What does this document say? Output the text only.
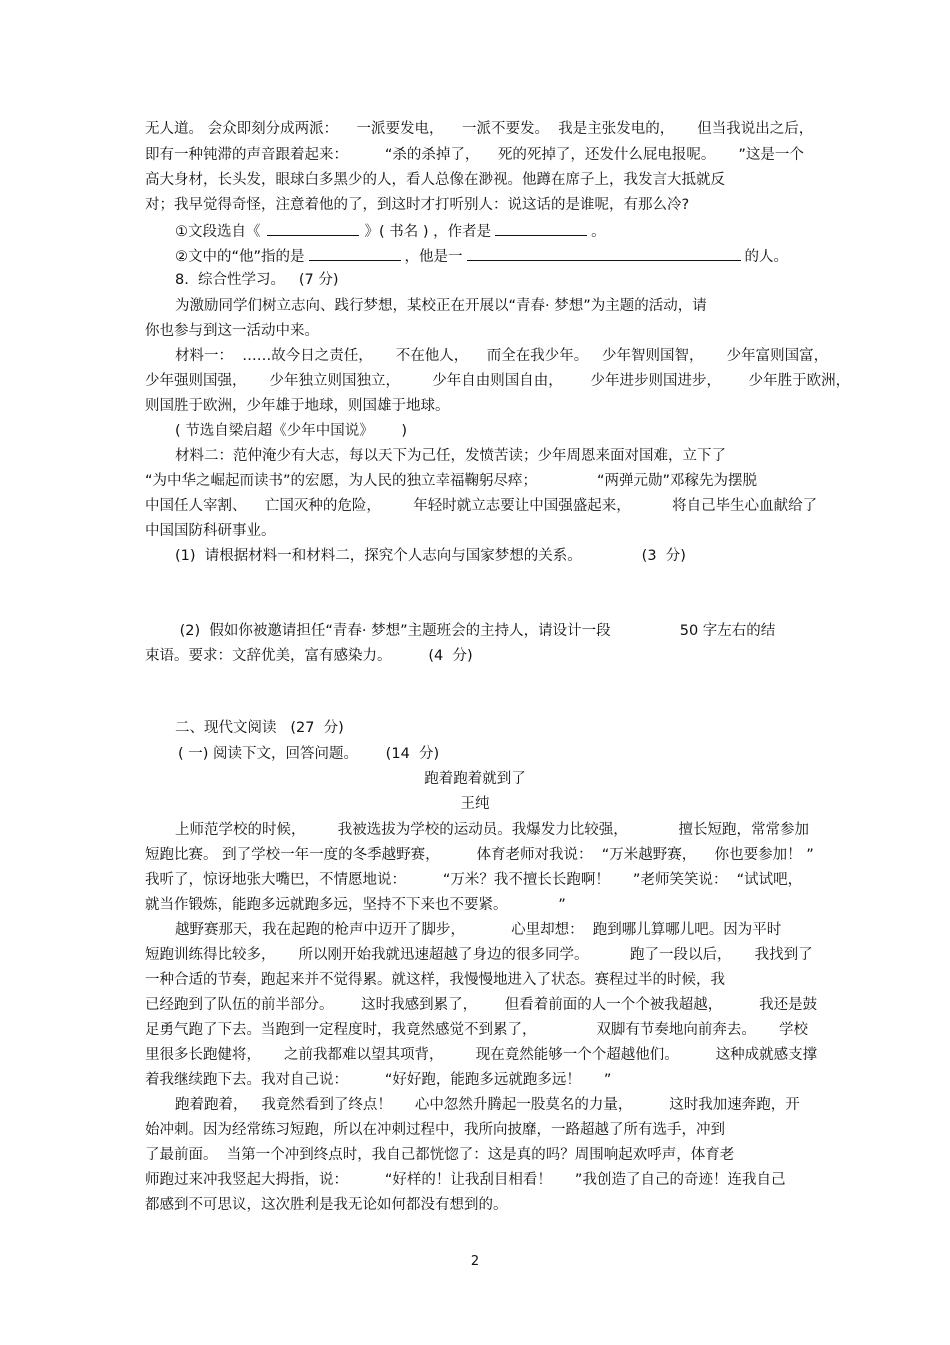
无人道。 会众即刻分成两派：    一派要发电，    一派不要发。  我是主张发电的，     但当我说出之后，
即有一种钝滞的声音跟着起来：        “杀的杀掉了，    死的死掉了，还发什么屁电报呢。     ”这是一个
高大身材，长头发，眼球白多黑少的人，看人总像在渺视。他蹲在席子上，我发言大抵就反
对；我早觉得奇怪，注意着他的了，到这时才打听别人：说这话的是谁呢，有那么冷?
①文段选自《	》( 书名 ) ，作者是	。
②文中的“他”指的是	，他是一	的人。
8.  综合性学习。   (7 分)
为激励同学们树立志向、践行梦想，某校正在开展以“青春· 梦想”为主题的活动，请
你也参与到这一活动中来。
材料一：  ……故今日之责任，     不在他人，    而全在我少年。   少年智则国智，     少年富则国富，
少年强则国强，     少年独立则国独立，       少年自由则国自由，      少年进步则国进步，      少年胜于欧洲，
则国胜于欧洲，少年雄于地球，则国雄于地球。
( 节选自梁启超《少年中国说》      )
材料二：范仲淹少有大志，每以天下为己任，发愤苦读；少年周恩来面对国难，立下了
“为中华之崛起而读书”的宏愿，为人民的独立幸福鞠躬尽瘁；             “两弹元勋”邓稼先为摆脱
中国任人宰割、    亡国灭种的危险，       年轻时就立志要让中国强盛起来，         将自己毕生心血献给了
中国国防科研事业。
(1)  请根据材料一和材料二，探究个人志向与国家梦想的关系。             (3  分)
(2)  假如你被邀请担任“青春· 梦想”主题班会的主持人，请设计一段               50 字左右的结
束语。要求：文辞优美，富有感染力。        (4  分)
二、现代文阅读   (27  分)
( 一) 阅读下文，回答问题。      (14  分)
跑着跑着就到了
王纯
上师范学校的时候，       我被选拔为学校的运动员。我爆发力比较强，           擅长短跑，常常参加
短跑比赛。 到了学校一年一度的冬季越野赛，        体育老师对我说：  “万米越野赛，    你也要参加！ ”
我听了，惊讶地张大嘴巴，不情愿地说：        “万米？我不擅长长跑啊！     ”老师笑笑说：  “试试吧，
就当作锻炼，能跑多远就跑多远，坚持不下来也不要紧。           ”
越野赛那天，我在起跑的枪声中迈开了脚步，          心里却想：  跑到哪儿算哪儿吧。因为平时
短跑训练得比较多，     所以刚开始我就迅速超越了身边的很多同学。         跑了一段以后，     我找到了
一种合适的节奏，跑起来并不觉得累。就这样，我慢慢地进入了状态。赛程过半的时候，我
已经跑到了队伍的前半部分。      这时我感到累了，      但看着前面的人一个个被我超越，        我还是鼓
足勇气跑了下去。当跑到一定程度时，我竟然感觉不到累了，             双脚有节奏地向前奔去。     学校
里很多长跑健将，     之前我都难以望其项背，       现在竟然能够一个个超越他们。        这种成就感支撑
着我继续跑下去。我对自己说：        “好好跑，能跑多远就跑多远！     ”
跑着跑着，   我竟然看到了终点！     心中忽然升腾起一股莫名的力量，        这时我加速奔跑，开
始冲刺。因为经常练习短跑，所以在冲刺过程中，我所向披靡，一路超越了所有选手，冲到
了最前面。  当第一个冲到终点时，我自己都恍惚了：这是真的吗？周围响起欢呼声，体育老
师跑过来冲我竖起大拇指，说：        “好样的！让我刮目相看！     ”我创造了自己的奇迹！连我自己
都感到不可思议，这次胜利是我无论如何都没有想到的。
2
